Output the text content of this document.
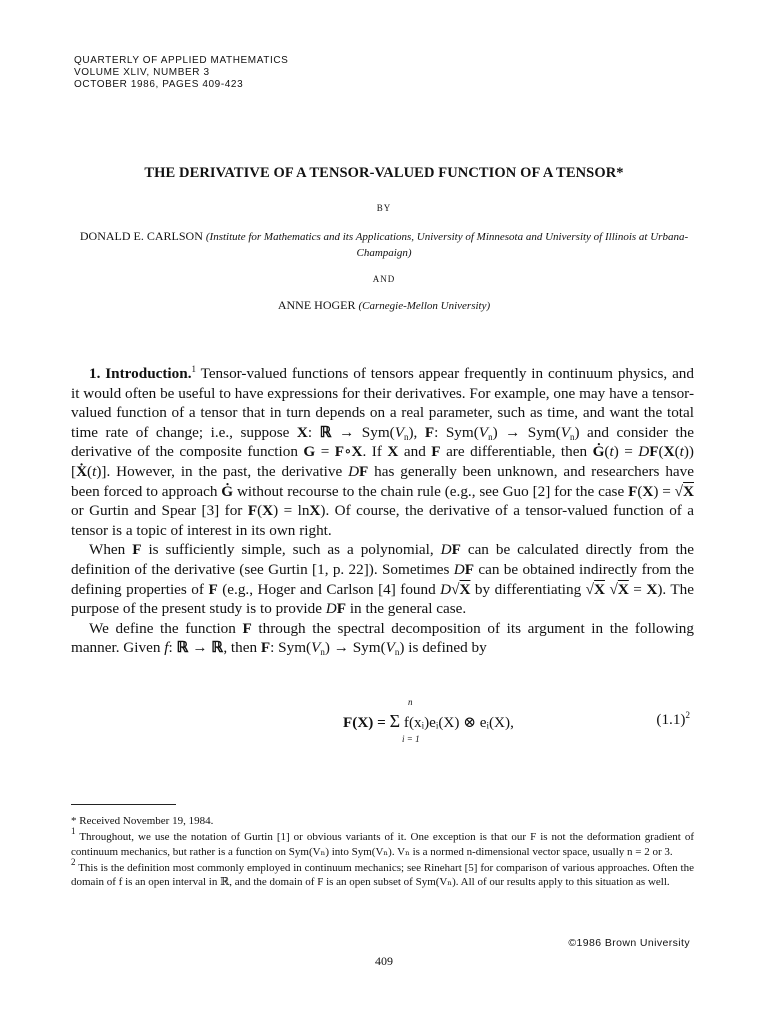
QUARTERLY OF APPLIED MATHEMATICS
VOLUME XLIV, NUMBER 3
OCTOBER 1986, PAGES 409-423
THE DERIVATIVE OF A TENSOR-VALUED FUNCTION OF A TENSOR*
BY
DONALD E. CARLSON (Institute for Mathematics and its Applications, University of Minnesota and University of Illinois at Urbana-Champaign)
AND
ANNE HOGER (Carnegie-Mellon University)

1. Introduction.$^1$ Tensor-valued functions of tensors appear frequently in continuum physics, and it would often be useful to have expressions for their derivatives. For example, one may have a tensor-valued function of a tensor that in turn depends on a real parameter, such as time, and want the total time rate of change; i.e., suppose X: ℝ → $Sym(V_n)$, F: $Sym(V_n) \to Sym(V_n)$ and consider the derivative of the composite function G = F∘X. If X and F are differentiable, then Ġ(t) = DF(X(t))[Ẋ(t)]. However, in the past, the derivative DF has generally been unknown, and researchers have been forced to approach Ġ without recourse to the chain rule (e.g., see Guo [2] for the case F(X) = √X or Gurtin and Spear [3] for F(X) = lnX). Of course, the derivative of a tensor-valued function of a tensor is a topic of interest in its own right.

When F is sufficiently simple, such as a polynomial, DF can be calculated directly from the definition of the derivative (see Gurtin [1, p. 22]). Sometimes DF can be obtained indirectly from the defining properties of F (e.g., Hoger and Carlson [4] found D√X by differentiating √X √X = X). The purpose of the present study is to provide DF in the general case.

We define the function F through the spectral decomposition of its argument in the following manner. Given f: ℝ → ℝ, then F: $Sym(V_n) \to Sym(V_n)$ is defined by

n
F(X) = Σ f(xᵢ)eᵢ(X) ⊗ eᵢ(X),
i = 1
$(1.1)^2$

* Received November 19, 1984.

$^1$ Throughout, we use the notation of Gurtin [1] or obvious variants of it. One exception is that our F is not the deformation gradient of continuum mechanics, but rather is a function on Sym(Vₙ) into Sym(Vₙ). Vₙ is a normed n-dimensional vector space, usually n = 2 or 3.

$^2$ This is the definition most commonly employed in continuum mechanics; see Rinehart [5] for comparison of various approaches. Often the domain of f is an open interval in ℝ, and the domain of F is an open subset of Sym(Vₙ). All of our results apply to this situation as well.

©1986 Brown University
409
